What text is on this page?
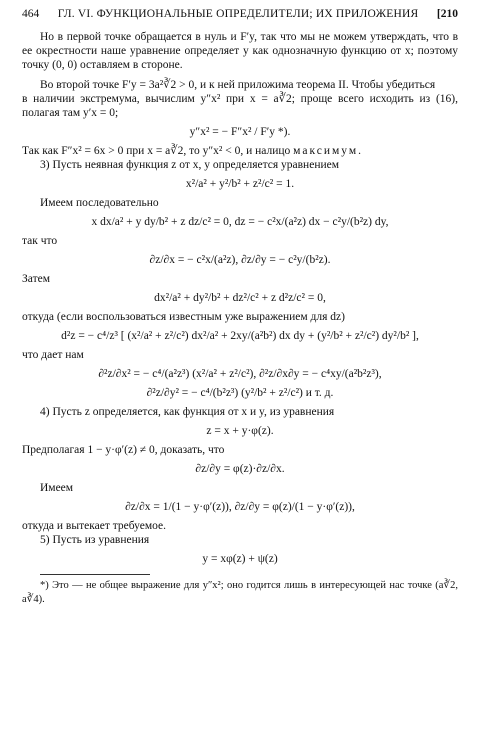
464 ГЛ. VI. ФУНКЦИОНАЛЬНЫЕ ОПРЕДЕЛИТЕЛИ; ИХ ПРИЛОЖЕНИЯ [210

Но в первой точке обращается в нуль и F′y, так что мы не можем утверждать, что в ее окрестности наше уравнение определяет y как однозначную функцию от x; поэтому точку (0, 0) оставляем в стороне.

Во второй точке F′y = 3a²∛2 > 0, и к ней приложима теорема II. Чтобы убедиться

в наличии экстремума, вычислим y″x² при x = a∛2; проще всего исходить из (16), полагая там y′x = 0;

y″x² = − F″x² / F′y *).

Так как F″x² = 6x > 0 при x = a∛2, то y″x² < 0, и налицо максимум.

3) Пусть неявная функция z от x, y определяется уравнением

x²/a² + y²/b² + z²/c² = 1.

Имеем последовательно

x dx/a² + y dy/b² + z dz/c² = 0, dz = − c²x/(a²z) dx − c²y/(b²z) dy,

так что

∂z/∂x = − c²x/(a²z), ∂z/∂y = − c²y/(b²z).

Затем

dx²/a² + dy²/b² + dz²/c² + z d²z/c² = 0,

откуда (если воспользоваться известным уже выражением для dz)

d²z = − c⁴/z³ [ (x²/a² + z²/c²) dx²/a² + 2xy/(a²b²) dx dy + (y²/b² + z²/c²) dy²/b² ],

что дает нам

∂²z/∂x² = − c⁴/(a²z³) (x²/a² + z²/c²), ∂²z/∂x∂y = − c⁴xy/(a²b²z³),
∂²z/∂y² = − c⁴/(b²z³) (y²/b² + z²/c²) и т. д.

4) Пусть z определяется, как функция от x и y, из уравнения

z = x + y·φ(z).

Предполагая 1 − y·φ′(z) ≠ 0, доказать, что

∂z/∂y = φ(z)·∂z/∂x.

Имеем

∂z/∂x = 1/(1 − y·φ′(z)), ∂z/∂y = φ(z)/(1 − y·φ′(z)),

откуда и вытекает требуемое.

5) Пусть из уравнения

y = xφ(z) + ψ(z)

*) Это — не общее выражение для y″x²; оно годится лишь в интересующей нас точке (a∛2, a∛4).
